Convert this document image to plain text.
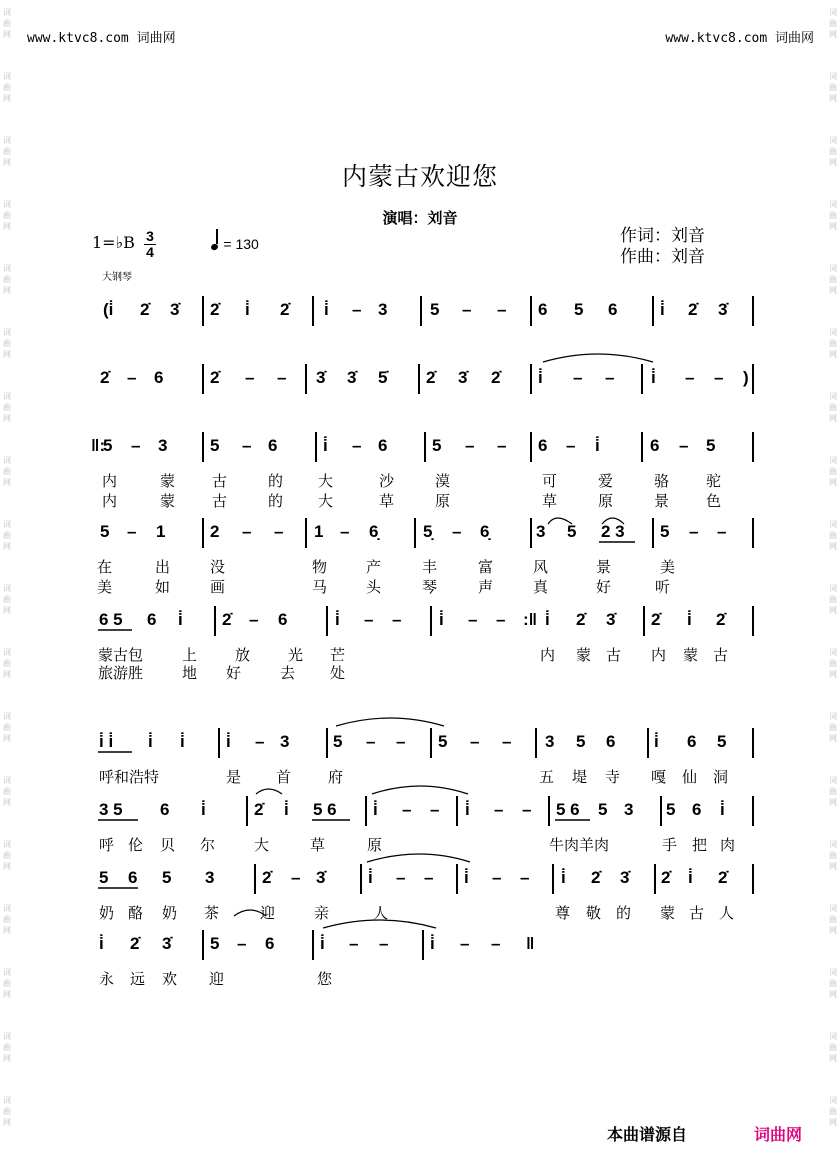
词
曲
网
词
曲
网
词
曲
网
词
曲
网
词
曲
网
词
曲
网
词
曲
网
词
曲
网
词
曲
网
词
曲
网
词
曲
网
词
曲
网
词
曲
网
词
曲
网
词
曲
网
词
曲
网
词
曲
网
词
曲
网
词
曲
网
词
曲
网
词
曲
网
词
曲
网
词
曲
网
词
曲
网
词
曲
网
词
曲
网
词
曲
网
词
曲
网
词
曲
网
词
曲
网
词
曲
网
词
曲
网
词
曲
网
词
曲
网
词
曲
网
词
曲
网
www.ktvc8.com 词曲网	www.ktvc8.com 词曲网
内蒙古欢迎您
演唱：刘音
作词：刘音
作曲：刘音
1=♭B 3
4	= 130
大钢琴
(i̇ 2̇ 3̇ 2̇ i̇ 2̇ i̇ – 3	5 – – 6 5 6	i̇ 2̇ 3̇
2̇ – 6	2̇ – – 3̇ 3̇ 5̇ 2̇ 3̇ 2̇ i̇ – – i̇ – – )
‖:
5 – 3	5 – 6	i̇ – 6	5 – – 6 – i̇	6 – 5
内	蒙 古	的 大	沙	漠	可	爱	骆 驼
内	蒙 古	的 大	草	原	草	原	景 色
5 – 1	2 – – 1 – 6̣	5̣ – 6̣	3 5 2 3 5 – –
在	出	没	物	产	丰	富	风	景	美
美	如	画	马	头	琴	声	真	好	听
6 5 6 i̇ 2̇ – 6	i̇ – – i̇ – – :‖ i̇ 2̇ 3̇ 2̇ i̇ 2̇
蒙古包	上	放	光 芒	内 蒙 古 内 蒙 古
旅游胜	地 好	去 处
i̇ i̇ i̇ i̇ i̇ – 3	5 – – 5 – – 3 5 6 i̇ 6 5
呼和浩特	是 首 府	五 堤 寺 嘎 仙 洞
3 5 6 i̇	2̇ i̇ 5 6 i̇ – – i̇ – – 5 6 5 3 5 6 i̇
呼 伦 贝 尔	大	草	原	牛肉羊肉	手 把 肉
5 6 5 3	2̇ – 3̇	i̇ – – i̇ – – i̇ 2̇ 3̇ 2̇ i̇ 2̇
奶 酪 奶 茶	迎	亲	人	尊 敬 的 蒙 古 人
i̇ 2̇ 3̇ 5 – 6	i̇ – – i̇ – – ‖
永 远 欢 迎	您
本曲谱源自	词曲网
